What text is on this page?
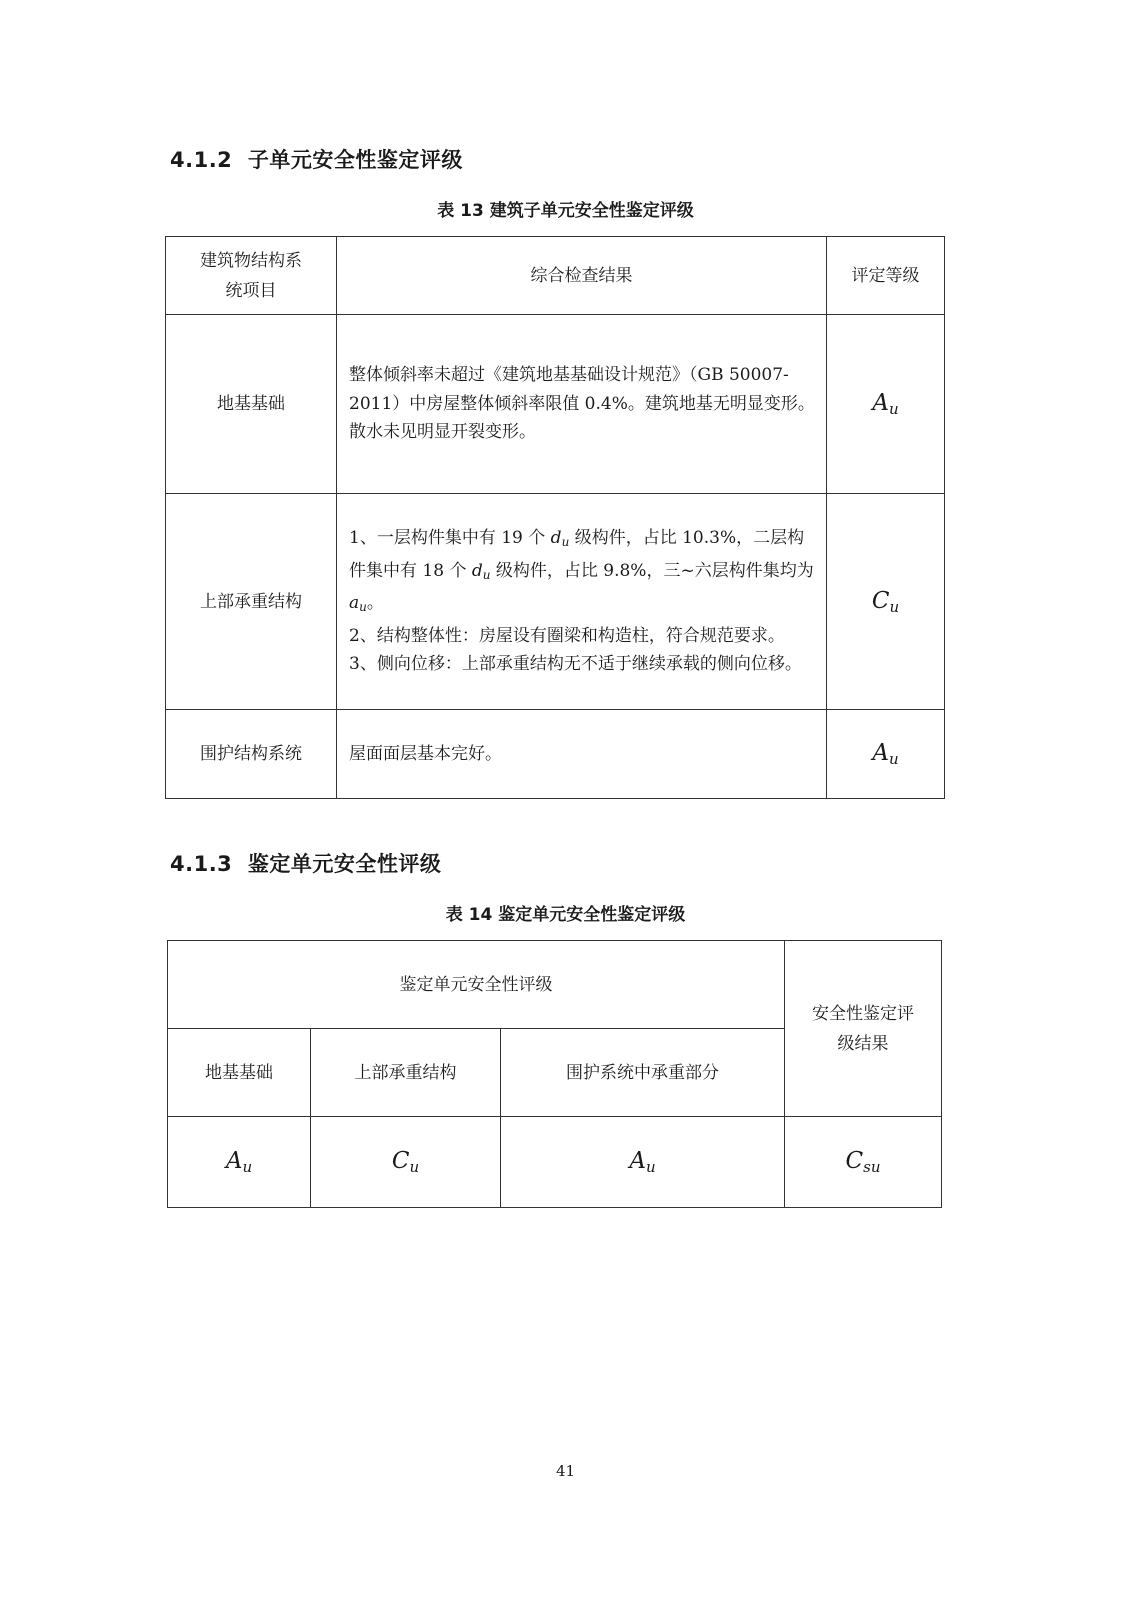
4.1.2 子单元安全性鉴定评级
表 13 建筑子单元安全性鉴定评级
建筑物结构系统项目	综合检查结果	评定等级
地基基础	整体倾斜率未超过《建筑地基基础设计规范》（GB 50007-2011）中房屋整体倾斜率限值 0.4%。建筑地基无明显变形。
散水未见明显开裂变形。	$A_u$
上部承重结构	1、一层构件集中有 19 个 $d_u$ 级构件，占比 10.3%，二层构件集中有 18 个 $d_u$ 级构件，占比 9.8%，三~六层构件集均为 $a_u$。
2、结构整体性：房屋设有圈梁和构造柱，符合规范要求。
3、侧向位移：上部承重结构无不适于继续承载的侧向位移。	$C_u$
围护结构系统	屋面面层基本完好。	$A_u$
4.1.3 鉴定单元安全性评级
表 14 鉴定单元安全性鉴定评级
鉴定单元安全性评级			安全性鉴定评级结果
地基基础	上部承重结构	围护系统中承重部分	
$A_u$	$C_u$	$A_u$	$C_{su}$
41
